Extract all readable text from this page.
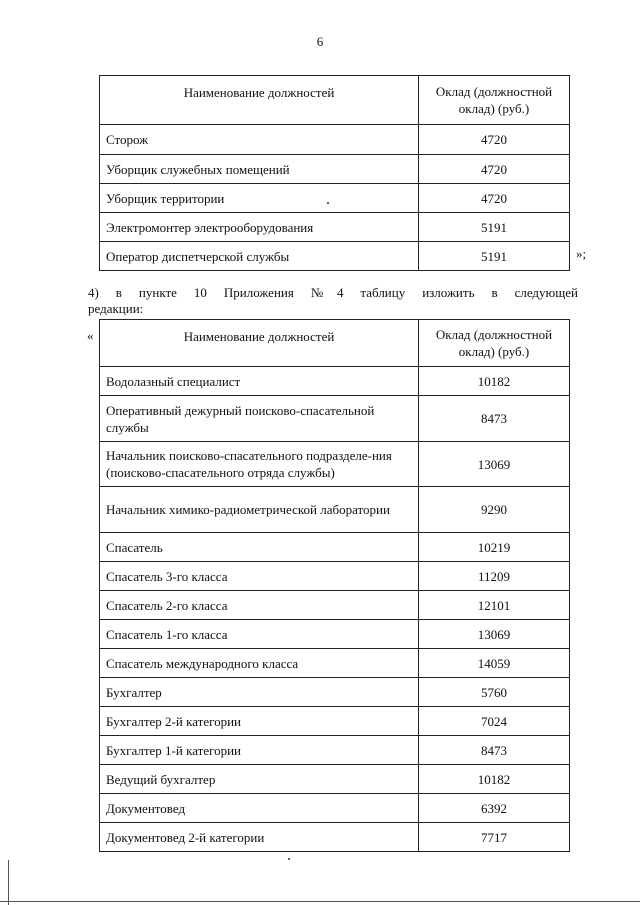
6
Наименование должностей	Оклад (должностной оклад) (руб.)
Сторож	4720
Уборщик служебных помещений	4720
Уборщик территории	4720
Электромонтер электрооборудования	5191
Оператор диспетчерской службы	5191	»;
4) в пункте 10 Приложения №4 таблицу изложить в следующей
редакции:
«	Наименование должностей	Оклад (должностной оклад) (руб.)
Водолазный специалист	10182
Оперативный дежурный поисково-спасательной службы	8473
Начальник поисково-спасательного подразделе-ния (поисково-спасательного отряда службы)	13069
Начальник химико-радиометрической лаборатории	9290
Спасатель	10219
Спасатель 3-го класса	11209
Спасатель 2-го класса	12101
Спасатель 1-го класса	13069
Спасатель международного класса	14059
Бухгалтер	5760
Бухгалтер 2-й категории	7024
Бухгалтер 1-й категории	8473
Ведущий бухгалтер	10182
Документовед	6392
Документовед 2-й категории	7717
